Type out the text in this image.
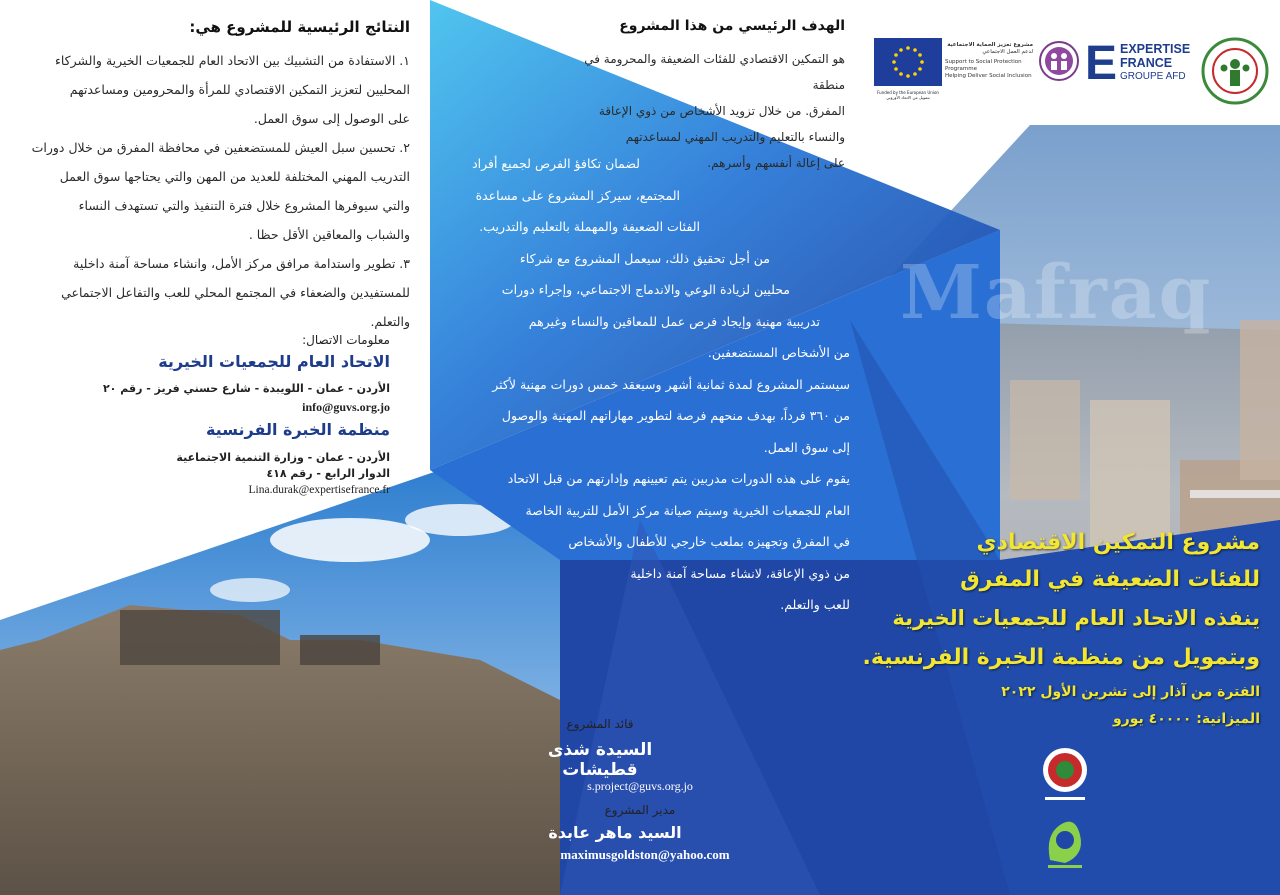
Mafraq
النتائج الرئيسية للمشروع هي:
١. الاستفادة من التشبيك بين الاتحاد العام للجمعيات الخيرية والشركاء
المحليين لتعزيز التمكين الاقتصادي للمرأة والمحرومين ومساعدتهم
على الوصول إلى سوق العمل.
٢. تحسين سبل العيش للمستضعفين في محافظة المفرق من خلال دورات
التدريب المهني المختلفة للعديد من المهن والتي يحتاجها سوق العمل
والتي سيوفرها المشروع خلال فترة التنفيذ والتي تستهدف النساء
والشباب والمعاقين الأقل حظا .
٣. تطوير واستدامة مرافق مركز الأمل، وانشاء مساحة آمنة داخلية
للمستفيدين والضعفاء في المجتمع المحلي للعب والتفاعل الاجتماعي
والتعلم.
معلومات الاتصال:
الاتحاد العام للجمعيات الخيرية
الأردن - عمان - اللويبدة - شارع حسني فريز - رقم ٢٠
info@guvs.org.jo
منظمة الخبرة الفرنسية
الأردن - عمان - وزارة التنمية الاجتماعية
الدوار الرابع - رقم ٤١٨
Lina.durak@expertisefrance.fr
الهدف الرئيسي من هذا المشروع
هو التمكين الاقتصادي للفئات الضعيفة والمحرومة في منطقة
المفرق. من خلال تزويد الأشخاص من ذوي الإعاقة
والنساء بالتعليم والتدريب المهني لمساعدتهم
على إعالة أنفسهم وأسرهم.
لضمان تكافؤ الفرص لجميع أفراد
المجتمع، سيركز المشروع على مساعدة
الفئات الضعيفة والمهملة بالتعليم والتدريب.
من أجل تحقيق ذلك، سيعمل المشروع مع شركاء
محليين لزيادة الوعي والاندماج الاجتماعي، وإجراء دورات
تدريبية مهنية وإيجاد فرص عمل للمعاقين والنساء وغيرهم
من الأشخاص المستضعفين.
سيستمر المشروع لمدة ثمانية أشهر وسيعقد خمس دورات مهنية لأكثر
من ٣٦٠ فرداً، بهدف منحهم فرصة لتطوير مهاراتهم المهنية والوصول
إلى سوق العمل.
يقوم على هذه الدورات مدربين يتم تعيينهم وإدارتهم من قبل الاتحاد
العام للجمعيات الخيرية وسيتم صيانة مركز الأمل للتربية الخاصة
في المفرق وتجهيزه بملعب خارجي للأطفال والأشخاص
من ذوي الإعاقة، لانشاء مساحة آمنة داخلية
للعب والتعلم.
قائد المشروع
السيدة شذى قطيشات
s.project@guvs.org.jo
مدير المشروع
السيد ماهر عابدة
maximusgoldston@yahoo.com
مشروع التمكين الاقتصادي
للفئات الضعيفة في المفرق
ينفذه الاتحاد العام للجمعيات الخيرية
وبتمويل من منظمة الخبرة الفرنسية.
الفترة من آذار إلى تشرين الأول ٢٠٢٢
الميزانية: ٤٠٠٠٠ يورو
Funded by the European Union
بتمويل من الاتحاد الأوروبي
مشروع تعزيز الحماية الاجتماعية
لدعم العمل الاجتماعي
Support to Social Protection
Programme
Helping Deliver Social Inclusion E EXPERTISE
FRANCE
GROUPE AFD
